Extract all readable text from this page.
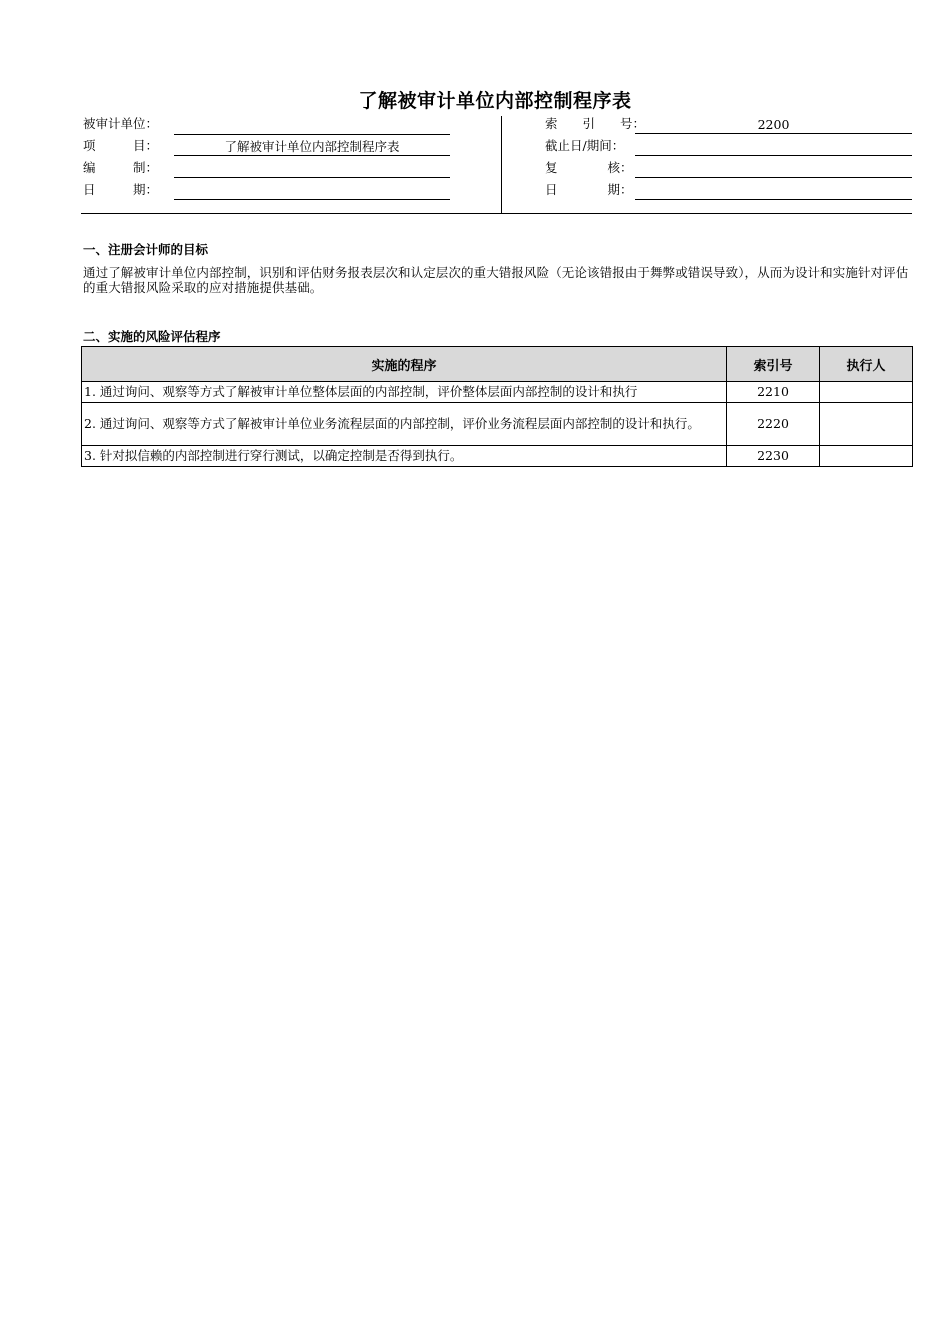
了解被审计单位内部控制程序表
被审计单位：
项　　　目：	了解被审计单位内部控制程序表
编　　　制：
日　　　期：
索　　引　　号：	2200
截止日/期间：
复　　　　核：
日　　　　期：
一、注册会计师的目标
通过了解被审计单位内部控制，识别和评估财务报表层次和认定层次的重大错报风险（无论该错报由于舞弊或错误导致），从而为设计和实施针对评估的重大错报风险采取的应对措施提供基础。
二、实施的风险评估程序
实施的程序	索引号	执行人
1. 通过询问、观察等方式了解被审计单位整体层面的内部控制，评价整体层面内部控制的设计和执行	2210	
2. 通过询问、观察等方式了解被审计单位业务流程层面的内部控制，评价业务流程层面内部控制的设计和执行。	2220	
3. 针对拟信赖的内部控制进行穿行测试，以确定控制是否得到执行。	2230	
